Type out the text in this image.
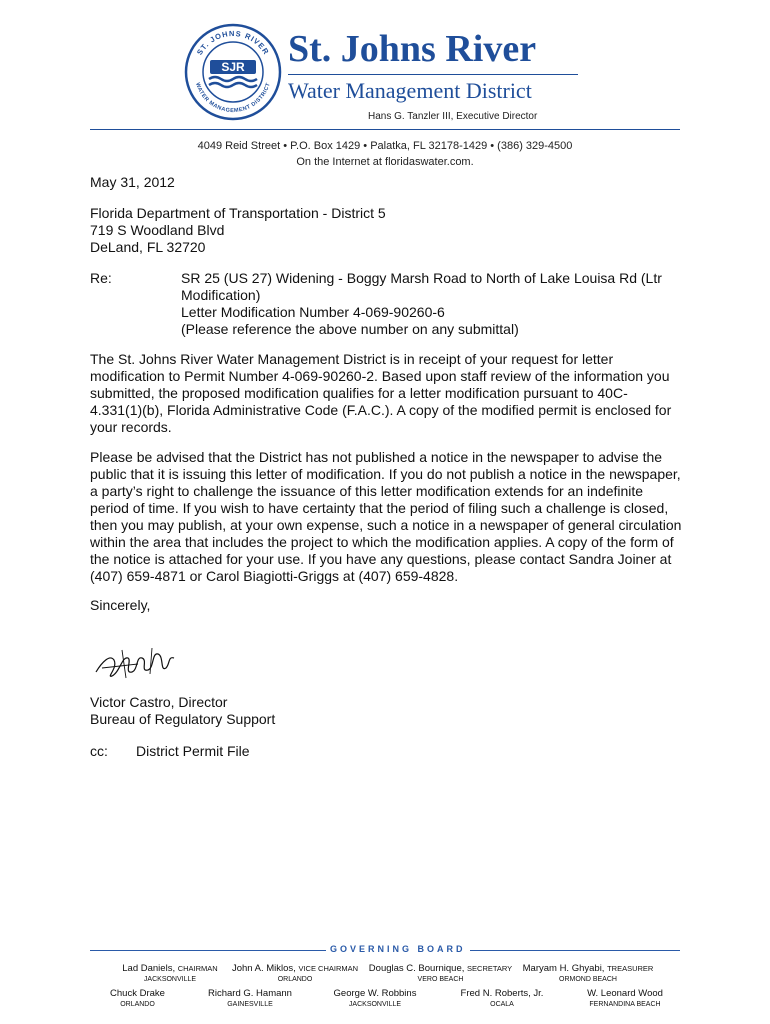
ST. JOHNS RIVER
WATER MANAGEMENT DISTRICT
SJR St. Johns River
Water Management District
Hans G. Tanzler III, Executive Director
4049 Reid Street • P.O. Box 1429 • Palatka, FL 32178-1429 • (386) 329-4500
On the Internet at floridaswater.com.
May 31, 2012
Florida Department of Transportation - District 5
719 S Woodland Blvd
DeLand, FL 32720
Re:	SR 25 (US 27) Widening - Boggy Marsh Road to North of Lake Louisa Rd (Ltr
Modification)
Letter Modification Number 4-069-90260-6
(Please reference the above number on any submittal)
The St. Johns River Water Management District is in receipt of your request for letter
modification to Permit Number 4-069-90260-2. Based upon staff review of the information you
submitted, the proposed modification qualifies for a letter modification pursuant to 40C-
4.331(1)(b), Florida Administrative Code (F.A.C.). A copy of the modified permit is enclosed for
your records.
Please be advised that the District has not published a notice in the newspaper to advise the
public that it is issuing this letter of modification. If you do not publish a notice in the newspaper,
a party’s right to challenge the issuance of this letter modification extends for an indefinite
period of time. If you wish to have certainty that the period of filing such a challenge is closed,
then you may publish, at your own expense, such a notice in a newspaper of general circulation
within the area that includes the project to which the modification applies. A copy of the form of
the notice is attached for your use. If you have any questions, please contact Sandra Joiner at
(407) 659-4871 or Carol Biagiotti-Griggs at (407) 659-4828.
Sincerely,
Victor Castro, Director
Bureau of Regulatory Support
cc: District Permit File
GOVERNING BOARD
Lad Daniels, CHAIRMAN
JACKSONVILLE
John A. Miklos, VICE CHAIRMAN
ORLANDO
Douglas C. Bournique, SECRETARY
VERO BEACH
Maryam H. Ghyabi, TREASURER
ORMOND BEACH
Chuck Drake
ORLANDO
Richard G. Hamann
GAINESVILLE
George W. Robbins
JACKSONVILLE
Fred N. Roberts, Jr.
OCALA
W. Leonard Wood
FERNANDINA BEACH
